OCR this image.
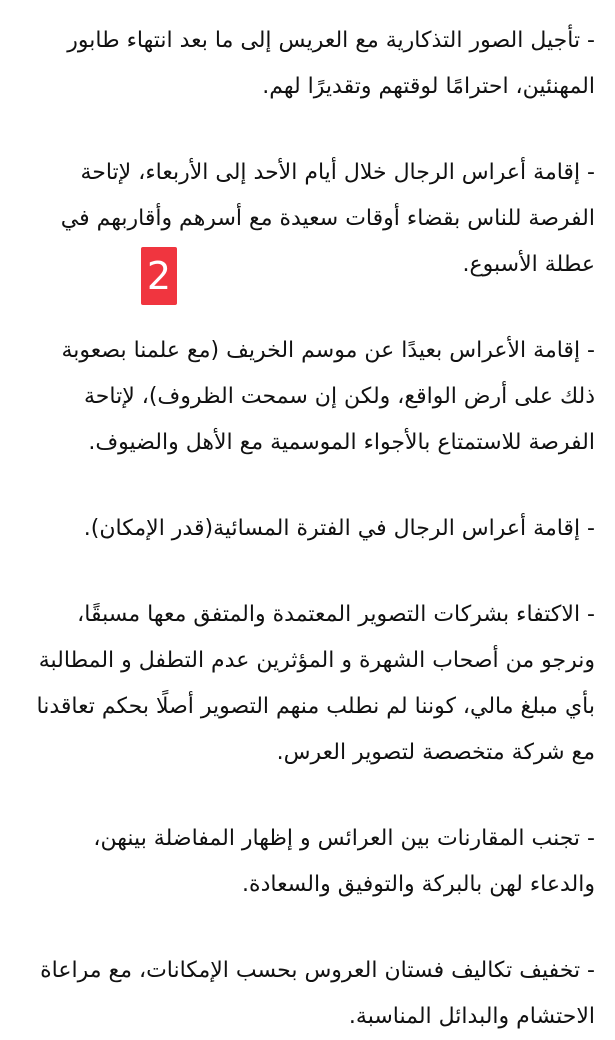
- تأجيل الصور التذكارية مع العريس إلى ما بعد انتهاء طابور المهنئين، احترامًا لوقتهم وتقديرًا لهم.

- إقامة أعراس الرجال خلال أيام الأحد إلى الأربعاء، لإتاحة الفرصة للناس بقضاء أوقات سعيدة مع أسرهم وأقاربهم في عطلة الأسبوع.

- إقامة الأعراس بعيدًا عن موسم الخريف (مع علمنا بصعوبة ذلك على أرض الواقع، ولكن إن سمحت الظروف)، لإتاحة الفرصة للاستمتاع بالأجواء الموسمية مع الأهل والضيوف.

- إقامة أعراس الرجال في الفترة المسائية(قدر الإمكان).

- الاكتفاء بشركات التصوير المعتمدة والمتفق معها مسبقًا، ونرجو من أصحاب الشهرة و المؤثرين عدم التطفل و المطالبة بأي مبلغ مالي، كوننا لم نطلب منهم التصوير أصلًا بحكم تعاقدنا مع شركة متخصصة لتصوير العرس.

- تجنب المقارنات بين العرائس و إظهار المفاضلة بينهن، والدعاء لهن بالبركة والتوفيق والسعادة.

- تخفيف تكاليف فستان العروس بحسب الإمكانات، مع مراعاة الاحتشام والبدائل المناسبة.

2
